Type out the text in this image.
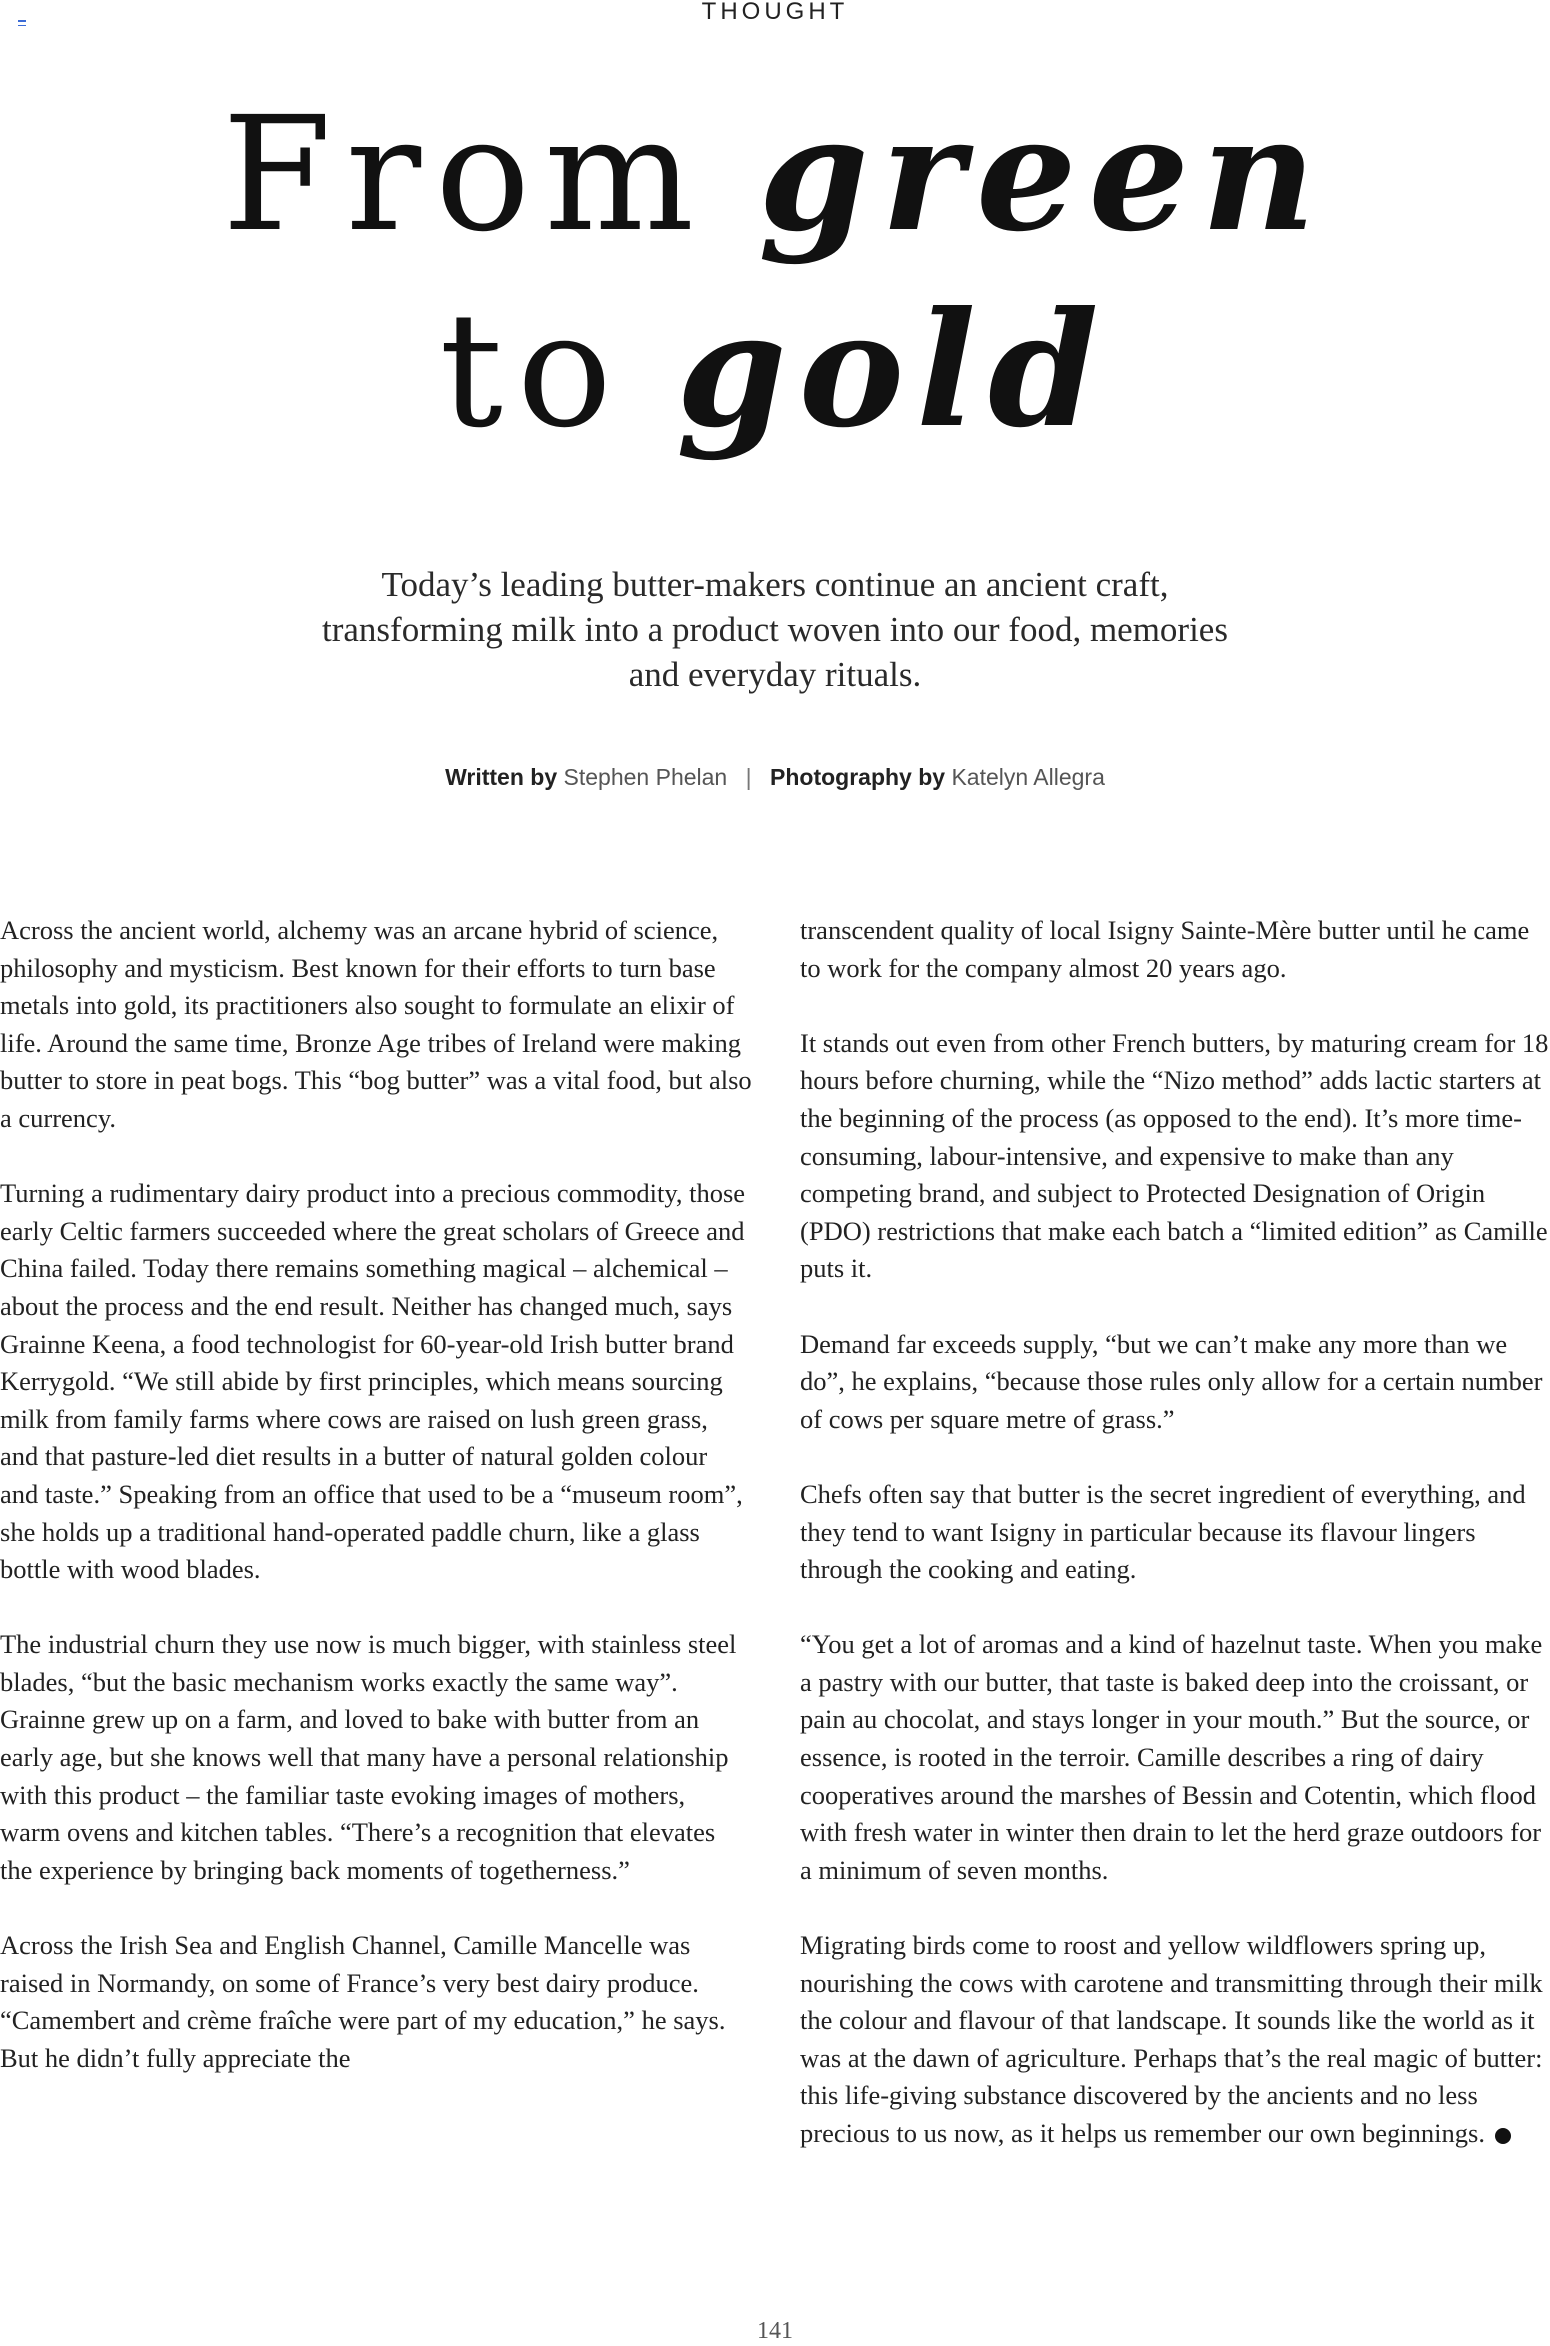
THOUGHT
From green
to gold

Today’s leading butter-makers continue an ancient craft, transforming milk into a product woven into our food, memories and everyday rituals.

Written by Stephen Phelan | Photography by Katelyn Allegra

Across the ancient world, alchemy was an arcane hybrid of science, philosophy and mysticism. Best known for their efforts to turn base metals into gold, its practitioners also sought to formulate an elixir of life. Around the same time, Bronze Age tribes of Ireland were making butter to store in peat bogs. This “bog butter” was a vital food, but also a currency.

Turning a rudimentary dairy product into a precious commodity, those early Celtic farmers succeeded where the great scholars of Greece and China failed. Today there remains something magical – alchemical – about the process and the end result. Neither has changed much, says Grainne Keena, a food technologist for 60-year-old Irish butter brand Kerrygold. “We still abide by first principles, which means sourcing milk from family farms where cows are raised on lush green grass, and that pasture-led diet results in a butter of natural golden colour and taste.” Speaking from an office that used to be a “museum room”, she holds up a traditional hand-operated paddle churn, like a glass bottle with wood blades.

The industrial churn they use now is much bigger, with stainless steel blades, “but the basic mechanism works exactly the same way”. Grainne grew up on a farm, and loved to bake with butter from an early age, but she knows well that many have a personal relationship with this product – the familiar taste evoking images of mothers, warm ovens and kitchen tables. “There’s a recognition that elevates the experience by bringing back moments of togetherness.”

Across the Irish Sea and English Channel, Camille Mancelle was raised in Normandy, on some of France’s very best dairy produce. “Camembert and crème fraîche were part of my education,” he says. But he didn’t fully appreciate the

transcendent quality of local Isigny Sainte-Mère butter until he came to work for the company almost 20 years ago.

It stands out even from other French butters, by maturing cream for 18 hours before churning, while the “Nizo method” adds lactic starters at the beginning of the process (as opposed to the end). It’s more time-consuming, labour-intensive, and expensive to make than any competing brand, and subject to Protected Designation of Origin (PDO) restrictions that make each batch a “limited edition” as Camille puts it.

Demand far exceeds supply, “but we can’t make any more than we do”, he explains, “because those rules only allow for a certain number of cows per square metre of grass.”

Chefs often say that butter is the secret ingredient of everything, and they tend to want Isigny in particular because its flavour lingers through the cooking and eating.

“You get a lot of aromas and a kind of hazelnut taste. When you make a pastry with our butter, that taste is baked deep into the croissant, or pain au chocolat, and stays longer in your mouth.” But the source, or essence, is rooted in the terroir. Camille describes a ring of dairy cooperatives around the marshes of Bessin and Cotentin, which flood with fresh water in winter then drain to let the herd graze outdoors for a minimum of seven months.

Migrating birds come to roost and yellow wildflowers spring up, nourishing the cows with carotene and transmitting through their milk the colour and flavour of that landscape. It sounds like the world as it was at the dawn of agriculture. Perhaps that’s the real magic of butter: this life-giving substance discovered by the ancients and no less precious to us now, as it helps us remember our own beginnings.

141
